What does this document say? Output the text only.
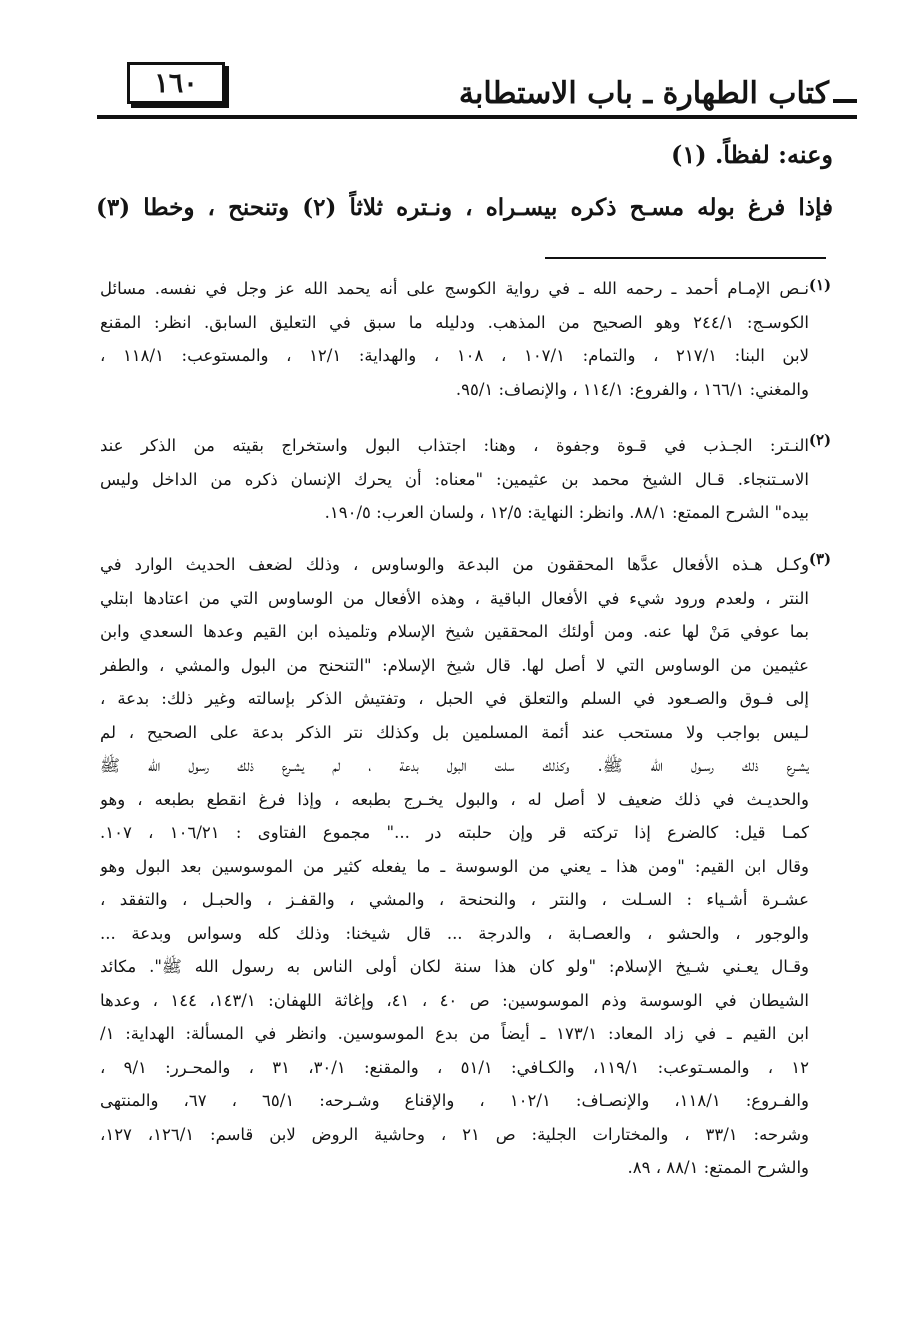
١٦٠	كتاب الطهارة ـ باب الاستطابة
وعنه: لفظاً. (١)
فإذا فرغ بوله مسـح ذكره بيسـراه ، ونـتره ثلاثاً (٢) وتنحنح ، وخطا (٣)
(١)
نـص الإمـام أحمد ـ رحمه الله ـ في رواية الكوسج على أنه يحمد الله عز وجل في نفسه. مسائل
الكوسـج: ٢٤٤/١ وهو الصحيح من المذهب. ودليله ما سبق في التعليق السابق. انظر: المقنع
لابن البنا: ٢١٧/١ ، والتمام: ١٠٧/١ ، ١٠٨ ، والهداية: ١٢/١ ، والمستوعب: ١١٨/١ ،
والمغني: ١٦٦/١ ، والفروع: ١١٤/١ ، والإنصاف: ٩٥/١.
(٢)
النـتر: الجـذب في قـوة وجفوة ، وهنا: اجتذاب البول واستخراج بقيته من الذكر عند
الاسـتنجاء. قـال الشيخ محمد بن عثيمين: "معناه: أن يحرك الإنسان ذكره من الداخل وليس
بيده" الشرح الممتع: ٨٨/١. وانظر: النهاية: ١٢/٥ ، ولسان العرب: ١٩٠/٥.
(٣)
وكـل هـذه الأفعال عدَّها المحققون من البدعة والوساوس ، وذلك لضعف الحديث الوارد في
النتر ، ولعدم ورود شيء في الأفعال الباقية ، وهذه الأفعال من الوساوس التي من اعتادها ابتلي
بما عوفي مَنْ لها عنه. ومن أولئك المحققين شيخ الإسلام وتلميذه ابن القيم وعدها السعدي وابن
عثيمين من الوساوس التي لا أصل لها. قال شيخ الإسلام: "التنحنح من البول والمشي ، والطفر
إلى فـوق والصـعود في السلم والتعلق في الحبل ، وتفتيش الذكر بإسالته وغير ذلك: بدعة ،
لـيس بواجب ولا مستحب عند أئمة المسلمين بل وكذلك نتر الذكر بدعة على الصحيح ، لم
يشـرع ذلك رسـول الله ﷺ. وكذلك سلت البول بدعة ، لم يشـرع ذلك رسول الله ﷺ
والحديـث في ذلك ضعيف لا أصل له ، والبول يخـرج بطبعه ، وإذا فرغ انقطع بطبعه ، وهو
كمـا قيل: كالضرع إذا تركته قر وإن حلبته در ..." مجموع الفتاوى : ١٠٦/٢١ ، ١٠٧.
وقال ابن القيم: "ومن هذا ـ يعني من الوسوسة ـ ما يفعله كثير من الموسوسين بعد البول وهو
عشـرة أشـياء : السـلت ، والنتر ، والنحنحة ، والمشي ، والقفـز ، والحبـل ، والتفقد ،
والوجور ، والحشو ، والعصـابة ، والدرجة ... قال شيخنا: وذلك كله وسواس وبدعة ...
وقـال يعـني شـيخ الإسلام: "ولو كان هذا سنة لكان أولى الناس به رسول الله ﷺ". مكائد
الشيطان في الوسوسة وذم الموسوسين: ص ٤٠ ، ٤١، وإغاثة اللهفان: ١٤٣/١، ١٤٤ ، وعدها
ابن القيم ـ في زاد المعاد: ١٧٣/١ ـ أيضاً من بدع الموسوسين. وانظر في المسألة: الهداية: ١/
١٢ ، والمسـتوعب: ١١٩/١، والكـافي: ٥١/١ ، والمقنع: ٣٠/١، ٣١ ، والمحـرر: ٩/١ ،
والفـروع: ١١٨/١، والإنصـاف: ١٠٢/١ ، والإقناع وشـرحه: ٦٥/١ ، ٦٧، والمنتهى
وشرحه: ٣٣/١ ، والمختارات الجلية: ص ٢١ ، وحاشية الروض لابن قاسم: ١٢٦/١، ١٢٧،
والشرح الممتع: ٨٨/١ ، ٨٩.
